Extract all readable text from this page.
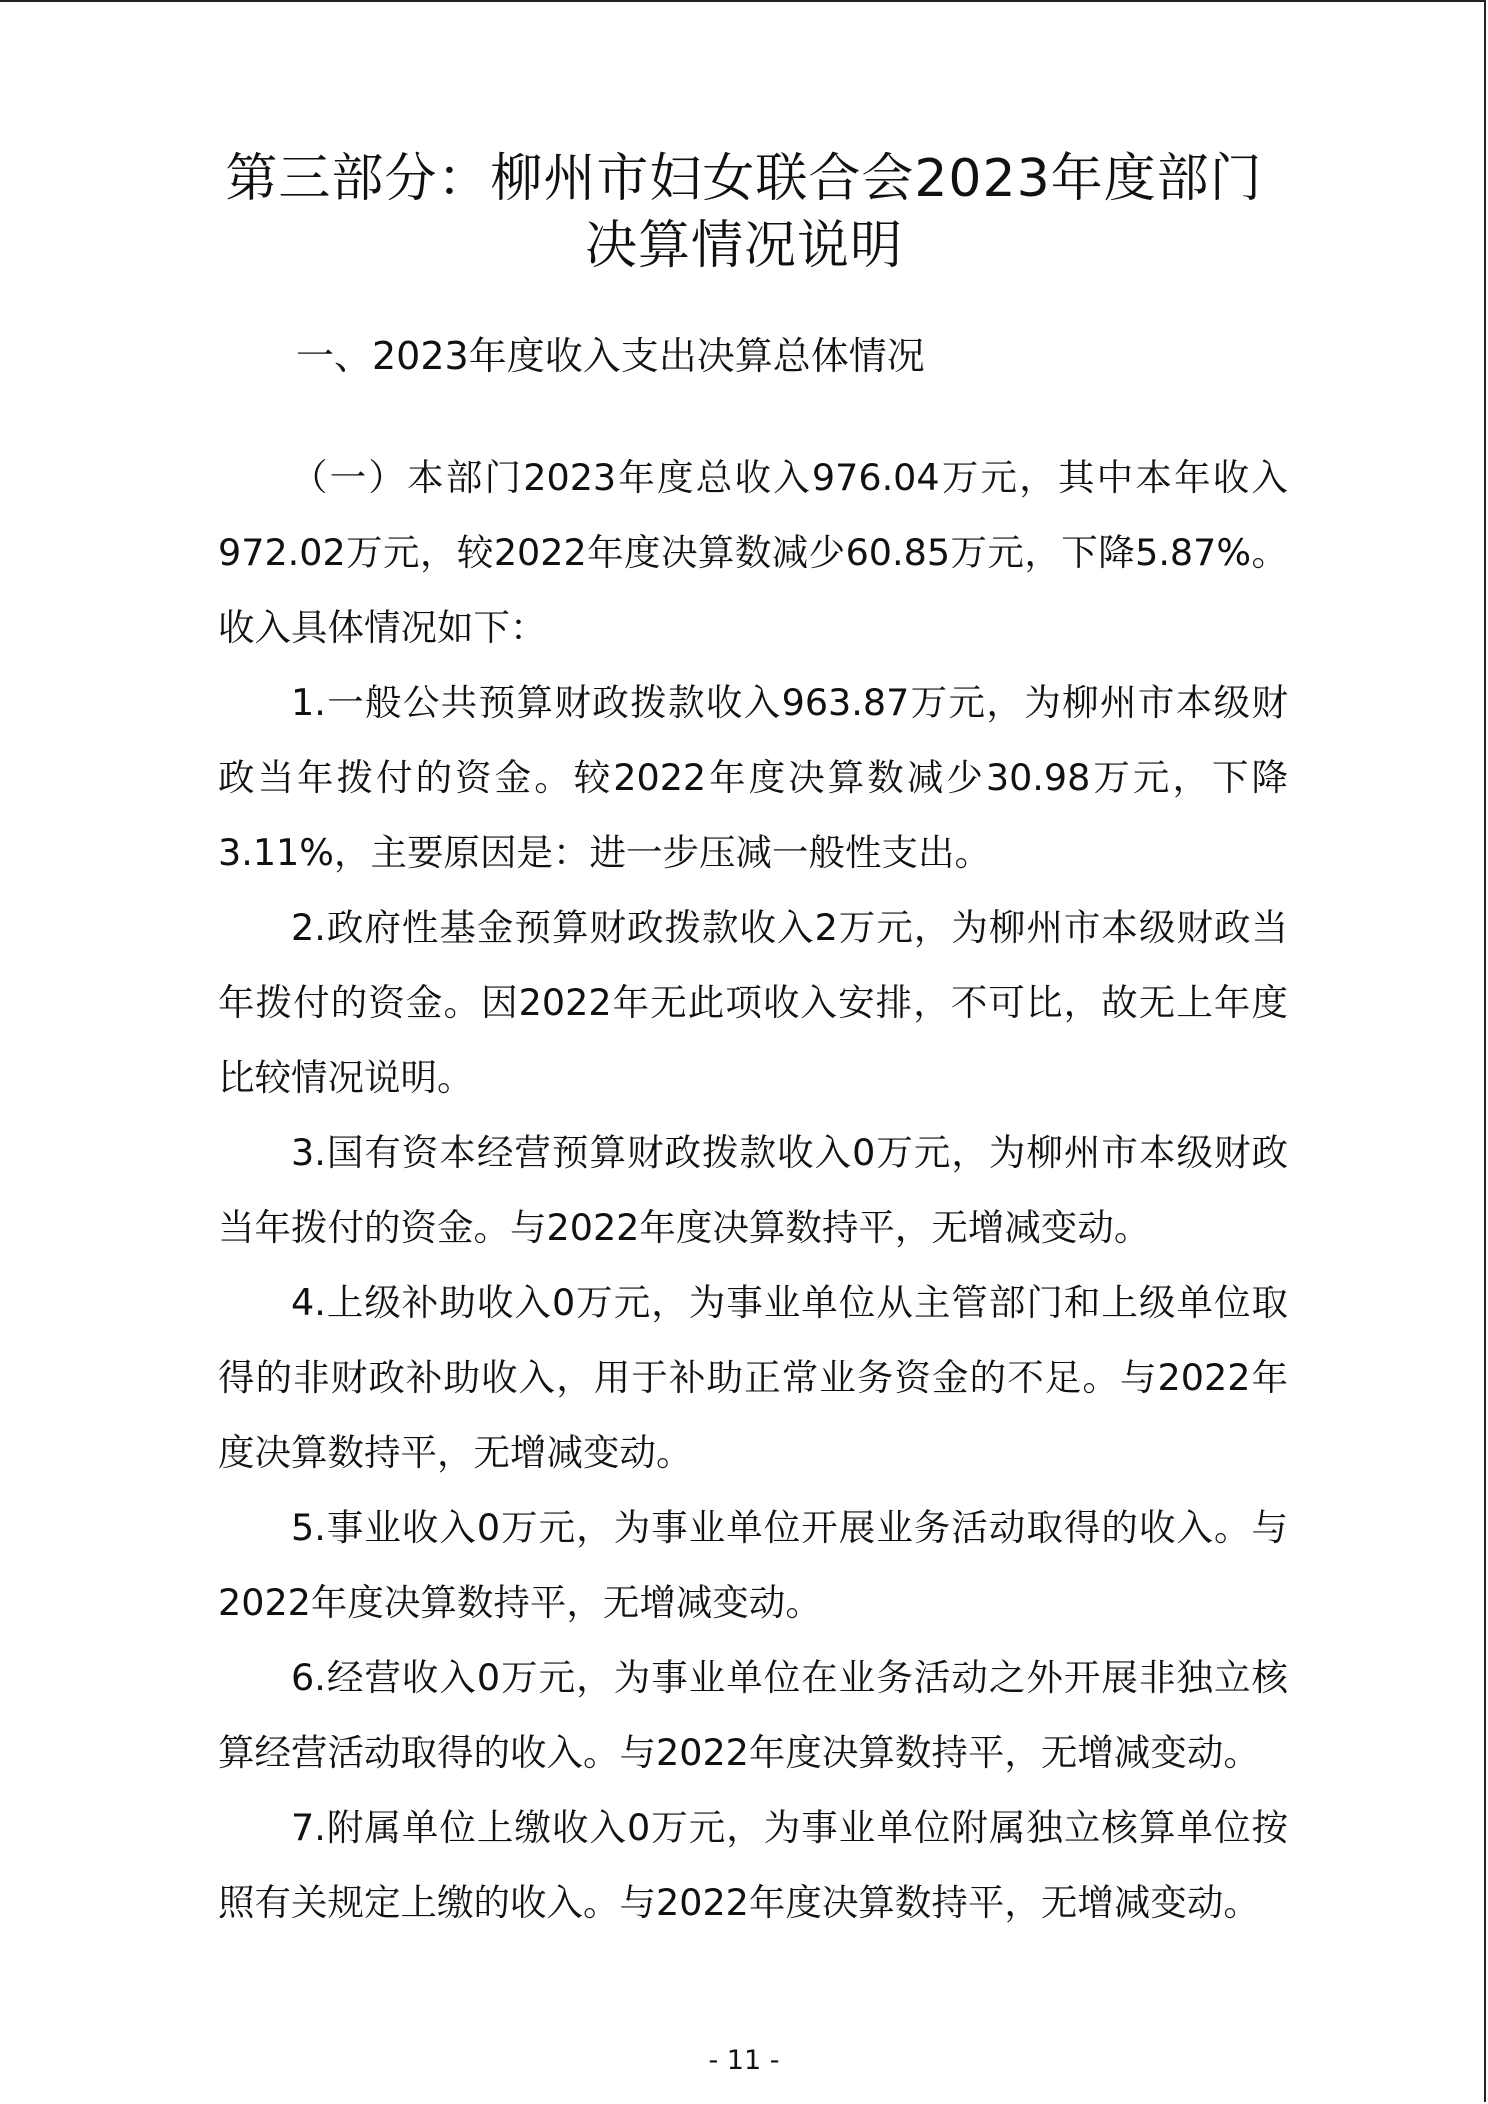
第三部分：柳州市妇女联合会2023年度部门
决算情况说明
一、2023年度收入支出决算总体情况

（一）本部门2023年度总收入976.04万元，其中本年收入972.02万元，较2022年度决算数减少60.85万元，下降5.87%。收入具体情况如下：

1.一般公共预算财政拨款收入963.87万元，为柳州市本级财政当年拨付的资金。较2022年度决算数减少30.98万元，下降3.11%，主要原因是：进一步压减一般性支出。

2.政府性基金预算财政拨款收入2万元，为柳州市本级财政当年拨付的资金。因2022年无此项收入安排，不可比，故无上年度比较情况说明。

3.国有资本经营预算财政拨款收入0万元，为柳州市本级财政当年拨付的资金。与2022年度决算数持平，无增减变动。

4.上级补助收入0万元，为事业单位从主管部门和上级单位取得的非财政补助收入，用于补助正常业务资金的不足。与2022年度决算数持平，无增减变动。

5.事业收入0万元，为事业单位开展业务活动取得的收入。与2022年度决算数持平，无增减变动。

6.经营收入0万元，为事业单位在业务活动之外开展非独立核算经营活动取得的收入。与2022年度决算数持平，无增减变动。

7.附属单位上缴收入0万元，为事业单位附属独立核算单位按照有关规定上缴的收入。与2022年度决算数持平，无增减变动。

- 11 -
